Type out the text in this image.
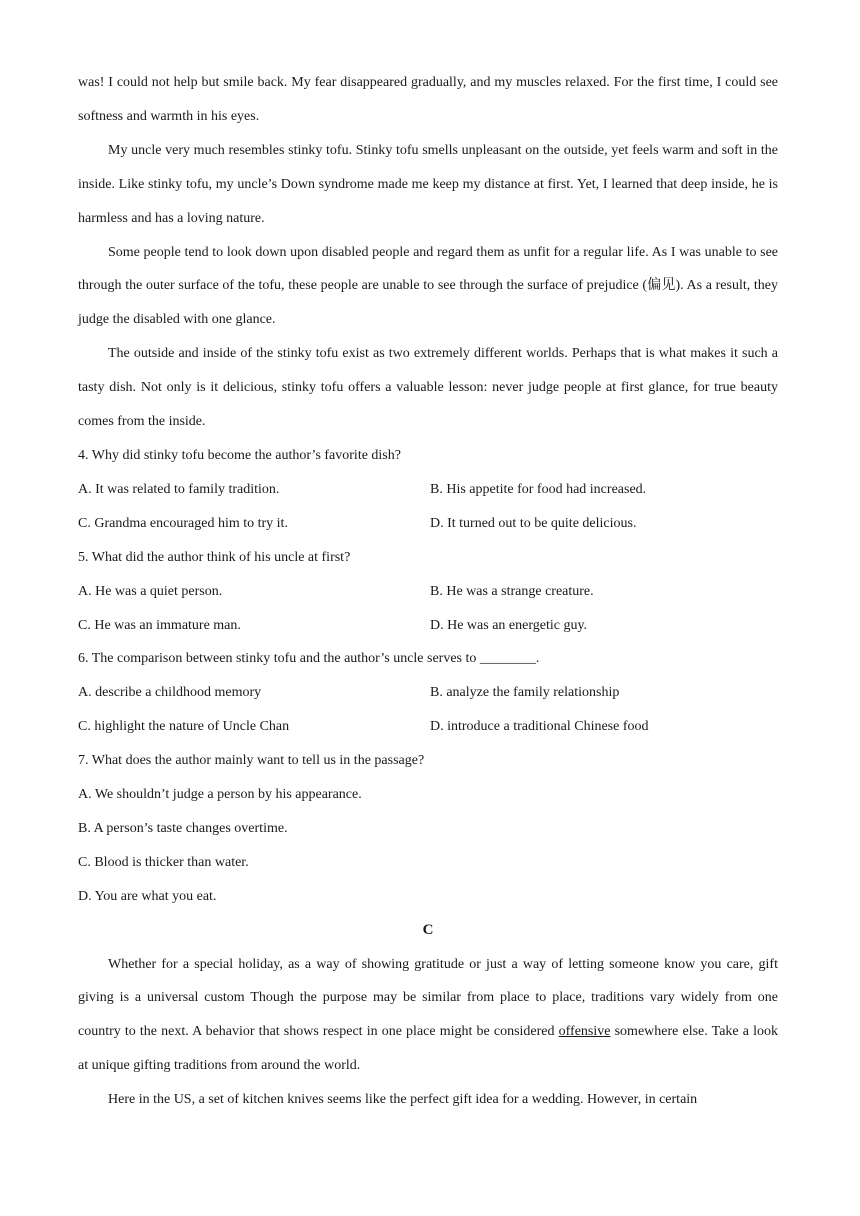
was! I could not help but smile back. My fear disappeared gradually, and my muscles relaxed. For the first time, I could see softness and warmth in his eyes.

My uncle very much resembles stinky tofu. Stinky tofu smells unpleasant on the outside, yet feels warm and soft in the inside. Like stinky tofu, my uncle’s Down syndrome made me keep my distance at first. Yet, I learned that deep inside, he is harmless and has a loving nature.

Some people tend to look down upon disabled people and regard them as unfit for a regular life. As I was unable to see through the outer surface of the tofu, these people are unable to see through the surface of prejudice (偏见). As a result, they judge the disabled with one glance.

The outside and inside of the stinky tofu exist as two extremely different worlds. Perhaps that is what makes it such a tasty dish. Not only is it delicious, stinky tofu offers a valuable lesson: never judge people at first glance, for true beauty comes from the inside.

4. Why did stinky tofu become the author’s favorite dish?

A. It was related to family tradition.	B. His appetite for food had increased.
C. Grandma encouraged him to try it.	D. It turned out to be quite delicious.

5. What did the author think of his uncle at first?

A. He was a quiet person.	B. He was a strange creature.
C. He was an immature man.	D. He was an energetic guy.

6. The comparison between stinky tofu and the author’s uncle serves to ________.

A. describe a childhood memory	B. analyze the family relationship
C. highlight the nature of Uncle Chan	D. introduce a traditional Chinese food

7. What does the author mainly want to tell us in the passage?

A. We shouldn’t judge a person by his appearance.

B. A person’s taste changes overtime.

C. Blood is thicker than water.

D. You are what you eat.

C

Whether for a special holiday, as a way of showing gratitude or just a way of letting someone know you care, gift giving is a universal custom Though the purpose may be similar from place to place, traditions vary widely from one country to the next. A behavior that shows respect in one place might be considered offensive somewhere else. Take a look at unique gifting traditions from around the world.

Here in the US, a set of kitchen knives seems like the perfect gift idea for a wedding. However, in certain
